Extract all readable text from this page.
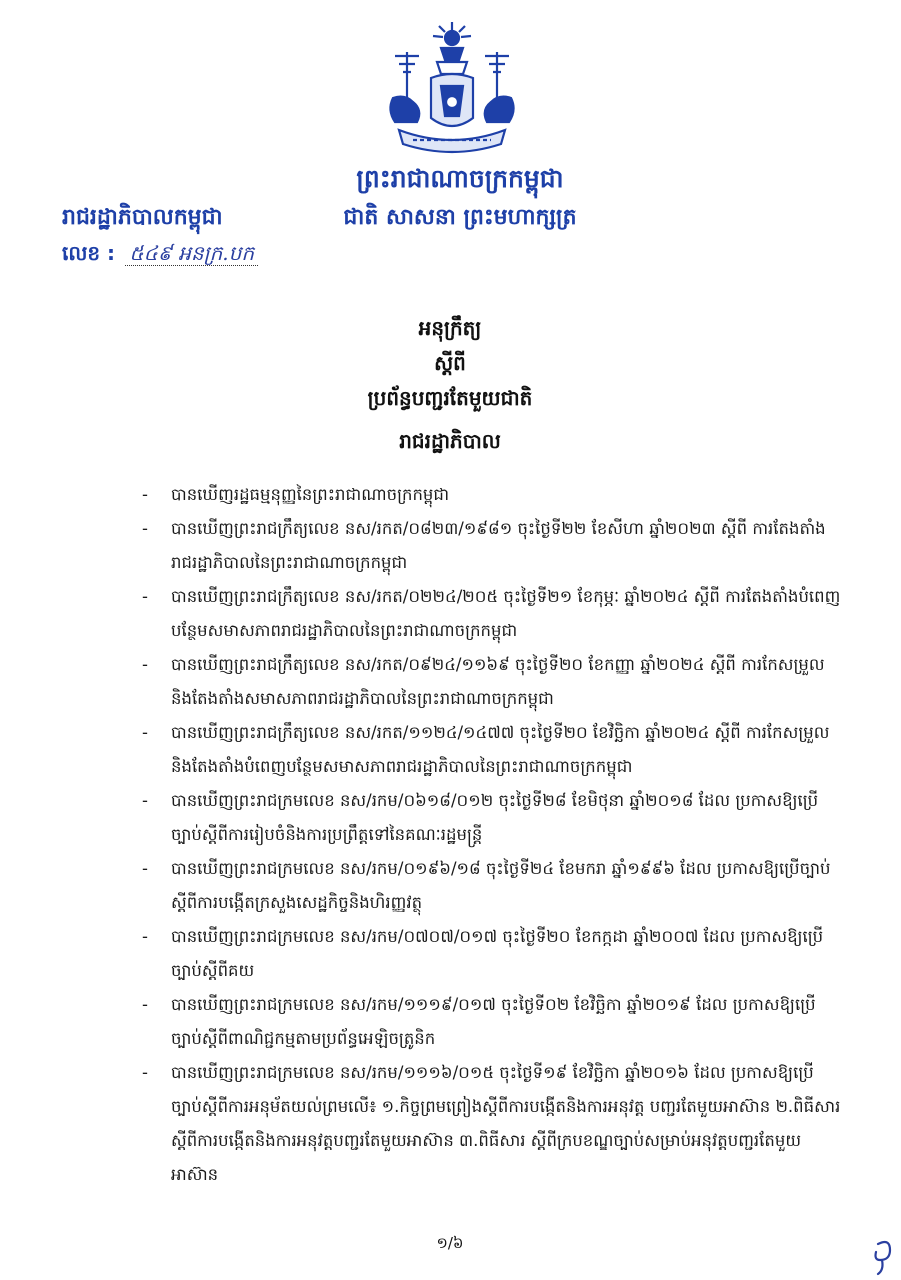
ព្រះរាជាណាចក្រកម្ពុជា
រាជរដ្ឋាភិបាលកម្ពុជា	ជាតិ សាសនា ព្រះមហាក្សត្រ
លេខ : ៥៤៩ អនក្រ.បក
អនុក្រឹត្យ
ស្តីពី
ប្រព័ន្ធបញ្ជរតែមួយជាតិ
រាជរដ្ឋាភិបាល
- បានឃើញរដ្ឋធម្មនុញ្ញនៃព្រះរាជាណាចក្រកម្ពុជា
- បានឃើញព្រះរាជក្រឹត្យលេខ នស/រកត/០៨២៣/១៩៨១ ចុះថ្ងៃទី២២ ខែសីហា ឆ្នាំ២០២៣ ស្តីពី ការតែងតាំងរាជរដ្ឋាភិបាលនៃព្រះរាជាណាចក្រកម្ពុជា
- បានឃើញព្រះរាជក្រឹត្យលេខ នស/រកត/០២២៤/២០៥ ចុះថ្ងៃទី២១ ខែកុម្ភៈ ឆ្នាំ២០២៤ ស្តីពី ការតែងតាំងបំពេញបន្ថែមសមាសភាពរាជរដ្ឋាភិបាលនៃព្រះរាជាណាចក្រកម្ពុជា
- បានឃើញព្រះរាជក្រឹត្យលេខ នស/រកត/០៩២៤/១១៦៩ ចុះថ្ងៃទី២០ ខែកញ្ញា ឆ្នាំ២០២៤ ស្តីពី ការកែសម្រួលនិងតែងតាំងសមាសភាពរាជរដ្ឋាភិបាលនៃព្រះរាជាណាចក្រកម្ពុជា
- បានឃើញព្រះរាជក្រឹត្យលេខ នស/រកត/១១២៤/១៤៧៧ ចុះថ្ងៃទី២០ ខែវិច្ឆិកា ឆ្នាំ២០២៤ ស្តីពី ការកែសម្រួលនិងតែងតាំងបំពេញបន្ថែមសមាសភាពរាជរដ្ឋាភិបាលនៃព្រះរាជាណាចក្រកម្ពុជា
- បានឃើញព្រះរាជក្រមលេខ នស/រកម/០៦១៨/០១២ ចុះថ្ងៃទី២៨ ខែមិថុនា ឆ្នាំ២០១៨ ដែល ប្រកាសឱ្យប្រើច្បាប់ស្តីពីការរៀបចំនិងការប្រព្រឹត្តទៅនៃគណៈរដ្ឋមន្ត្រី
- បានឃើញព្រះរាជក្រមលេខ នស/រកម/០១៩៦/១៨ ចុះថ្ងៃទី២៤ ខែមករា ឆ្នាំ១៩៩៦ ដែល ប្រកាសឱ្យប្រើច្បាប់ស្តីពីការបង្កើតក្រសួងសេដ្ឋកិច្ចនិងហិរញ្ញវត្ថុ
- បានឃើញព្រះរាជក្រមលេខ នស/រកម/០៧០៧/០១៧ ចុះថ្ងៃទី២០ ខែកក្កដា ឆ្នាំ២០០៧ ដែល ប្រកាសឱ្យប្រើច្បាប់ស្តីពីគយ
- បានឃើញព្រះរាជក្រមលេខ នស/រកម/១១១៩/០១៧ ចុះថ្ងៃទី០២ ខែវិច្ឆិកា ឆ្នាំ២០១៩ ដែល ប្រកាសឱ្យប្រើច្បាប់ស្តីពីពាណិជ្ជកម្មតាមប្រព័ន្ធអេឡិចត្រូនិក
- បានឃើញព្រះរាជក្រមលេខ នស/រកម/១១១៦/០១៥ ចុះថ្ងៃទី១៩ ខែវិច្ឆិកា ឆ្នាំ២០១៦ ដែល ប្រកាសឱ្យប្រើច្បាប់ស្តីពីការអនុម័តយល់ព្រមលើ៖ ១.កិច្ចព្រមព្រៀងស្តីពីការបង្កើតនិងការអនុវត្ត បញ្ជរតែមួយអាស៊ាន ២.ពិធីសារស្តីពីការបង្កើតនិងការអនុវត្តបញ្ជរតែមួយអាស៊ាន ៣.ពិធីសារ ស្តីពីក្របខណ្ឌច្បាប់សម្រាប់អនុវត្តបញ្ជរតែមួយអាស៊ាន
១/៦
